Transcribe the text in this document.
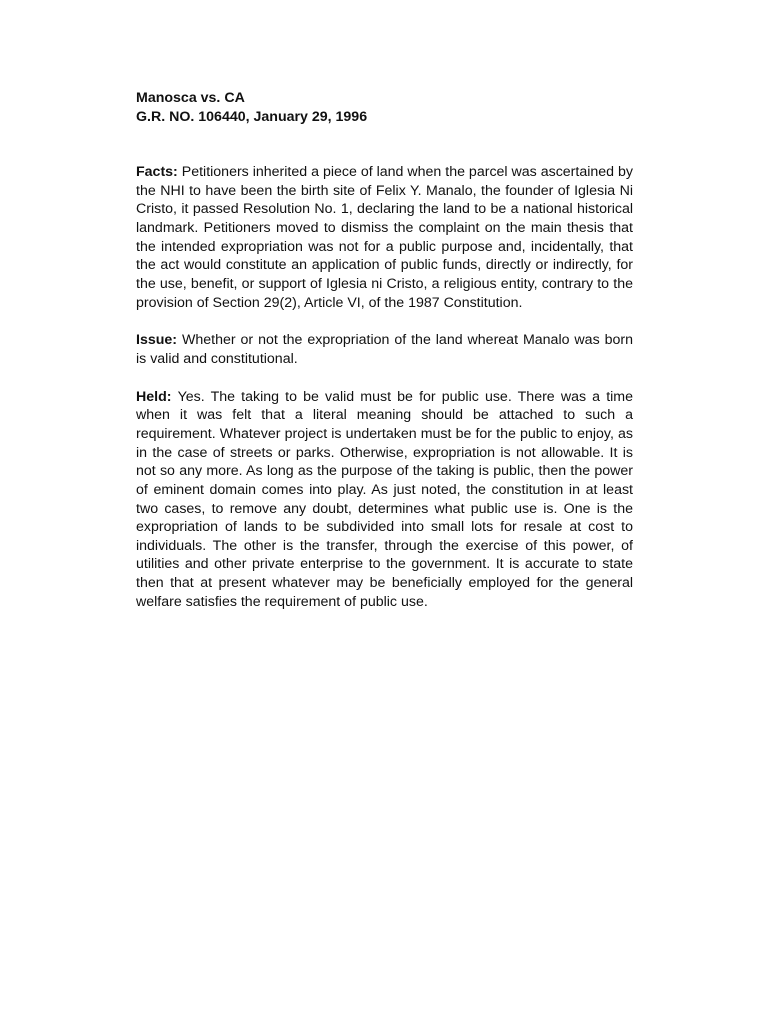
Manosca vs. CA
G.R. NO. 106440, January 29, 1996
Facts: Petitioners inherited a piece of land when the parcel was ascertained by the NHI to have been the birth site of Felix Y. Manalo, the founder of Iglesia Ni Cristo, it passed Resolution No. 1, declaring the land to be a national historical landmark. Petitioners moved to dismiss the complaint on the main thesis that the intended expropriation was not for a public purpose and, incidentally, that the act would constitute an application of public funds, directly or indirectly, for the use, benefit, or support of Iglesia ni Cristo, a religious entity, contrary to the provision of Section 29(2), Article VI, of the 1987 Constitution.
Issue: Whether or not the expropriation of the land whereat Manalo was born is valid and constitutional.
Held: Yes. The taking to be valid must be for public use. There was a time when it was felt that a literal meaning should be attached to such a requirement. Whatever project is undertaken must be for the public to enjoy, as in the case of streets or parks. Otherwise, expropriation is not allowable. It is not so any more. As long as the purpose of the taking is public, then the power of eminent domain comes into play. As just noted, the constitution in at least two cases, to remove any doubt, determines what public use is. One is the expropriation of lands to be subdivided into small lots for resale at cost to individuals. The other is the transfer, through the exercise of this power, of utilities and other private enterprise to the government. It is accurate to state then that at present whatever may be beneficially employed for the general welfare satisfies the requirement of public use.
